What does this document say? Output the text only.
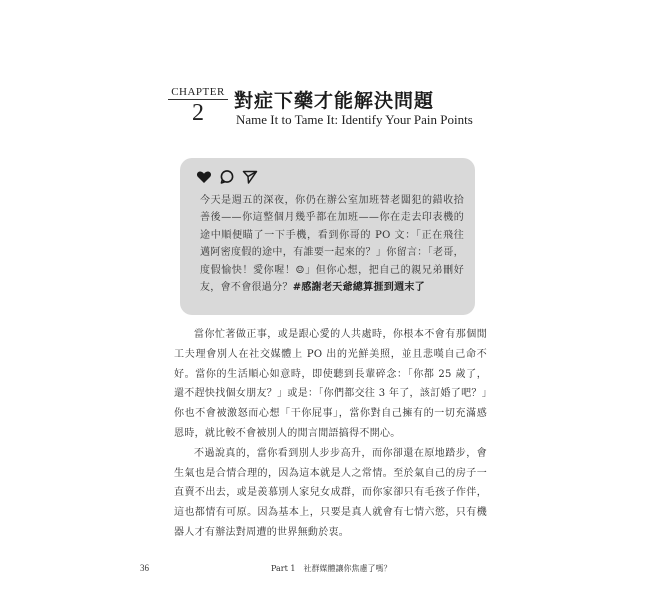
CHAPTER
2	對症下藥才能解決問題
Name It to Tame It: Identify Your Pain Points
今天是週五的深夜，你仍在辦公室加班替老闆犯的錯收拾善後——你這整個月幾乎都在加班——你在走去印表機的途中順便瞄了一下手機，看到你哥的 PO 文：「正在飛往邁阿密度假的途中，有誰要一起來的？」你留言：「老哥，度假愉快！愛你喔！☺」但你心想，把自己的親兄弟刪好友，會不會很過分？#感謝老天爺總算捱到週末了

當你忙著做正事，或是跟心愛的人共處時，你根本不會有那個閒工夫理會別人在社交媒體上 PO 出的光鮮美照，並且悲嘆自己命不好。當你的生活順心如意時，即使聽到長輩碎念：「你都 25 歲了，還不趕快找個女朋友？」或是：「你們都交往 3 年了，該訂婚了吧？」你也不會被激怒而心想「干你屁事」，當你對自己擁有的一切充滿感恩時，就比較不會被別人的閒言閒語搞得不開心。

不過說真的，當你看到別人步步高升，而你卻還在原地踏步，會生氣也是合情合理的，因為這本就是人之常情。至於氣自己的房子一直賣不出去，或是羨慕別人家兒女成群，而你家卻只有毛孩子作伴，這也都情有可原。因為基本上，只要是真人就會有七情六慾，只有機器人才有辦法對周遭的世界無動於衷。

36	Part 1　社群媒體讓你焦慮了嗎？
